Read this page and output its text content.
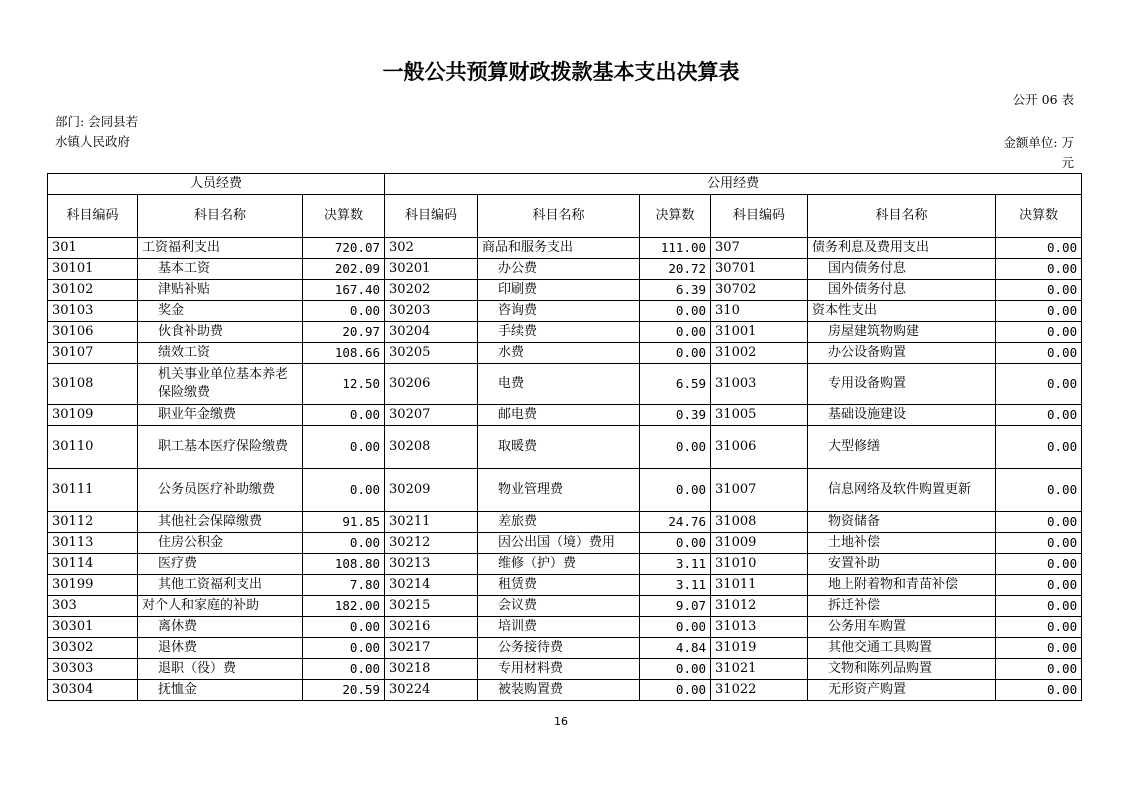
一般公共预算财政拨款基本支出决算表
公开 06 表
部门: 会同县若水镇人民政府	金额单位: 万元
人员经费			公用经费					
科目编码	科目名称	决算数	科目编码	科目名称	决算数	科目编码	科目名称	决算数
301	工资福利支出	720.07	302	商品和服务支出	111.00	307	债务利息及费用支出	0.00
30101	基本工资	202.09	30201	办公费	20.72	30701	国内债务付息	0.00
30102	津贴补贴	167.40	30202	印刷费	6.39	30702	国外债务付息	0.00
30103	奖金	0.00	30203	咨询费	0.00	310	资本性支出	0.00
30106	伙食补助费	20.97	30204	手续费	0.00	31001	房屋建筑物购建	0.00
30107	绩效工资	108.66	30205	水费	0.00	31002	办公设备购置	0.00
30108	机关事业单位基本养老保险缴费	12.50	30206	电费	6.59	31003	专用设备购置	0.00
30109	职业年金缴费	0.00	30207	邮电费	0.39	31005	基础设施建设	0.00
30110	职工基本医疗保险缴费	0.00	30208	取暖费	0.00	31006	大型修缮	0.00
30111	公务员医疗补助缴费	0.00	30209	物业管理费	0.00	31007	信息网络及软件购置更新	0.00
30112	其他社会保障缴费	91.85	30211	差旅费	24.76	31008	物资储备	0.00
30113	住房公积金	0.00	30212	因公出国（境）费用	0.00	31009	土地补偿	0.00
30114	医疗费	108.80	30213	维修（护）费	3.11	31010	安置补助	0.00
30199	其他工资福利支出	7.80	30214	租赁费	3.11	31011	地上附着物和青苗补偿	0.00
303	对个人和家庭的补助	182.00	30215	会议费	9.07	31012	拆迁补偿	0.00
30301	离休费	0.00	30216	培训费	0.00	31013	公务用车购置	0.00
30302	退休费	0.00	30217	公务接待费	4.84	31019	其他交通工具购置	0.00
30303	退职（役）费	0.00	30218	专用材料费	0.00	31021	文物和陈列品购置	0.00
30304	抚恤金	20.59	30224	被装购置费	0.00	31022	无形资产购置	0.00
16
